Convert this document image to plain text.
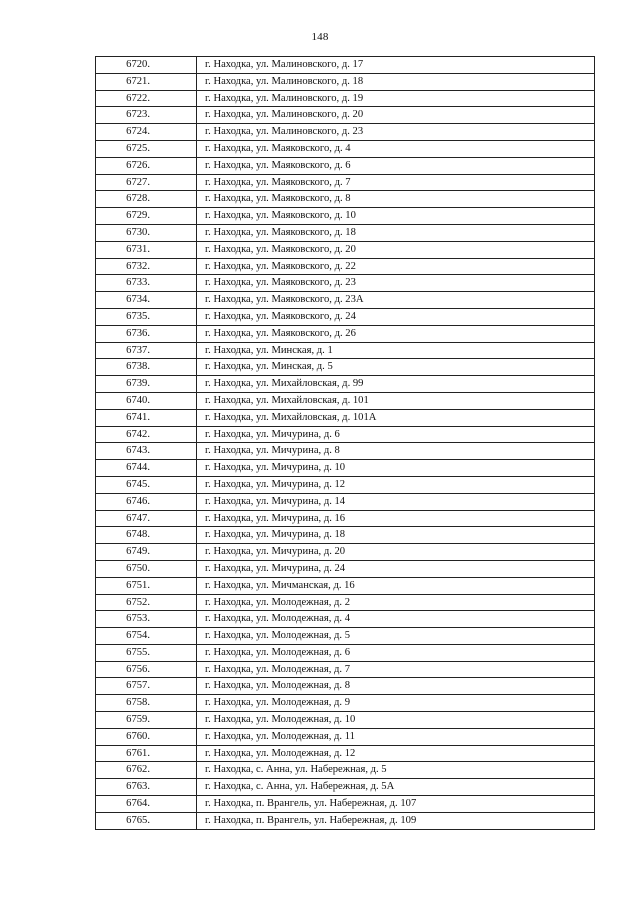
148
6720.	г. Находка, ул. Малиновского, д. 17
6721.	г. Находка, ул. Малиновского, д. 18
6722.	г. Находка, ул. Малиновского, д. 19
6723.	г. Находка, ул. Малиновского, д. 20
6724.	г. Находка, ул. Малиновского, д. 23
6725.	г. Находка, ул. Маяковского, д. 4
6726.	г. Находка, ул. Маяковского, д. 6
6727.	г. Находка, ул. Маяковского, д. 7
6728.	г. Находка, ул. Маяковского, д. 8
6729.	г. Находка, ул. Маяковского, д. 10
6730.	г. Находка, ул. Маяковского, д. 18
6731.	г. Находка, ул. Маяковского, д. 20
6732.	г. Находка, ул. Маяковского, д. 22
6733.	г. Находка, ул. Маяковского, д. 23
6734.	г. Находка, ул. Маяковского, д. 23А
6735.	г. Находка, ул. Маяковского, д. 24
6736.	г. Находка, ул. Маяковского, д. 26
6737.	г. Находка, ул. Минская, д. 1
6738.	г. Находка, ул. Минская, д. 5
6739.	г. Находка, ул. Михайловская, д. 99
6740.	г. Находка, ул. Михайловская, д. 101
6741.	г. Находка, ул. Михайловская, д. 101А
6742.	г. Находка, ул. Мичурина, д. 6
6743.	г. Находка, ул. Мичурина, д. 8
6744.	г. Находка, ул. Мичурина, д. 10
6745.	г. Находка, ул. Мичурина, д. 12
6746.	г. Находка, ул. Мичурина, д. 14
6747.	г. Находка, ул. Мичурина, д. 16
6748.	г. Находка, ул. Мичурина, д. 18
6749.	г. Находка, ул. Мичурина, д. 20
6750.	г. Находка, ул. Мичурина, д. 24
6751.	г. Находка, ул. Мичманская, д. 16
6752.	г. Находка, ул. Молодежная, д. 2
6753.	г. Находка, ул. Молодежная, д. 4
6754.	г. Находка, ул. Молодежная, д. 5
6755.	г. Находка, ул. Молодежная, д. 6
6756.	г. Находка, ул. Молодежная, д. 7
6757.	г. Находка, ул. Молодежная, д. 8
6758.	г. Находка, ул. Молодежная, д. 9
6759.	г. Находка, ул. Молодежная, д. 10
6760.	г. Находка, ул. Молодежная, д. 11
6761.	г. Находка, ул. Молодежная, д. 12
6762.	г. Находка, с. Анна, ул. Набережная, д. 5
6763.	г. Находка, с. Анна, ул. Набережная, д. 5А
6764.	г. Находка, п. Врангель, ул. Набережная, д. 107
6765.	г. Находка, п. Врангель, ул. Набережная, д. 109
